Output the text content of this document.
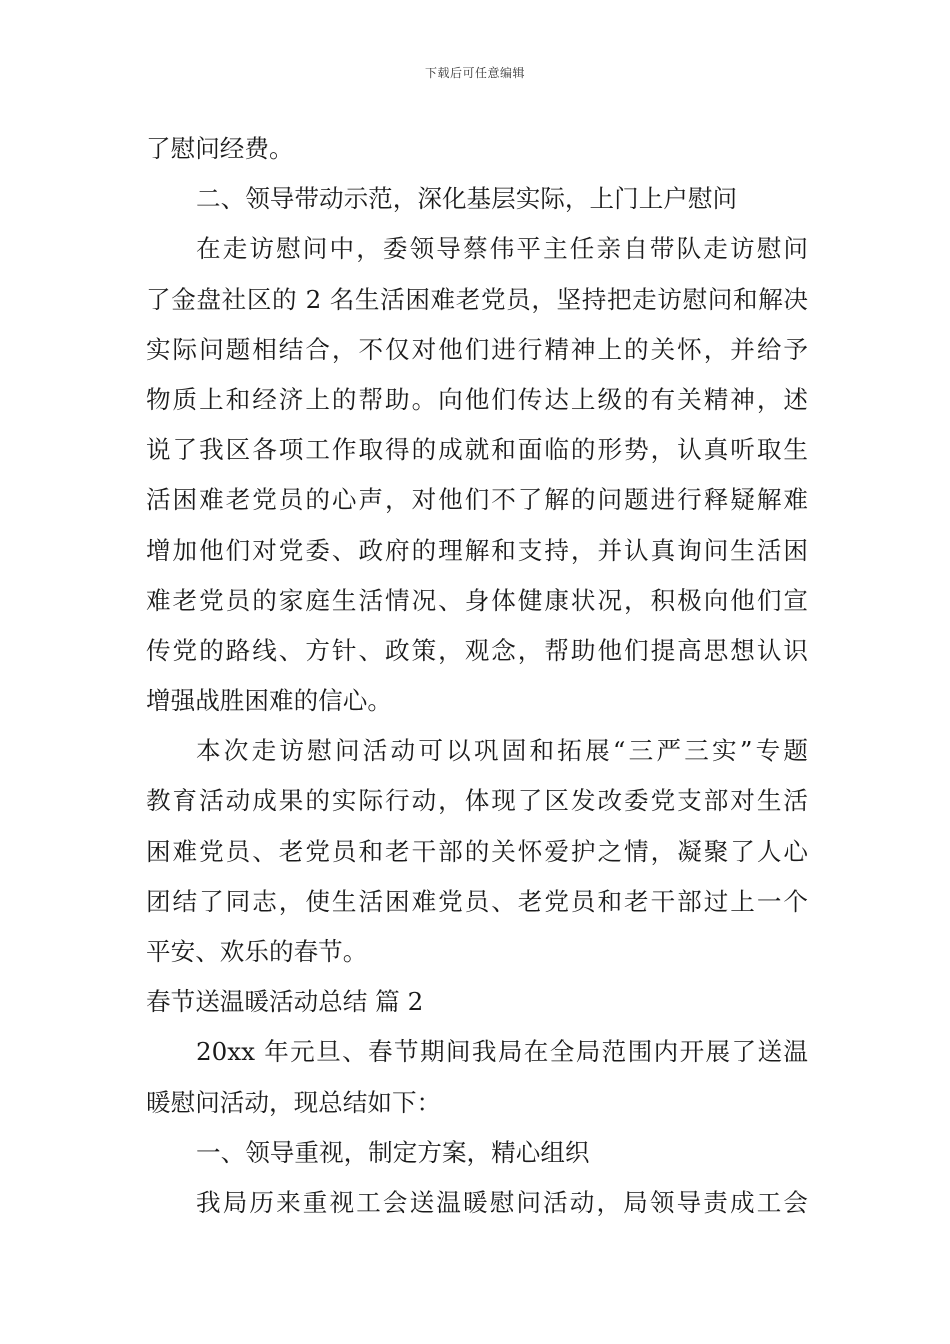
下载后可任意编辑
了慰问经费。
二、领导带动示范，深化基层实际，上门上户慰问
在走访慰问中，委领导蔡伟平主任亲自带队走访慰问
了金盘社区的 2 名生活困难老党员，坚持把走访慰问和解决
实际问题相结合，不仅对他们进行精神上的关怀，并给予
物质上和经济上的帮助。向他们传达上级的有关精神，述
说了我区各项工作取得的成就和面临的形势，认真听取生
活困难老党员的心声，对他们不了解的问题进行释疑解难
增加他们对党委、政府的理解和支持，并认真询问生活困
难老党员的家庭生活情况、身体健康状况，积极向他们宣
传党的路线、方针、政策，观念，帮助他们提高思想认识
增强战胜困难的信心。
本次走访慰问活动可以巩固和拓展“三严三实”专题
教育活动成果的实际行动，体现了区发改委党支部对生活
困难党员、老党员和老干部的关怀爱护之情，凝聚了人心
团结了同志，使生活困难党员、老党员和老干部过上一个
平安、欢乐的春节。
春节送温暖活动总结 篇 2
20xx 年元旦、春节期间我局在全局范围内开展了送温
暖慰问活动，现总结如下：
一、领导重视，制定方案，精心组织
我局历来重视工会送温暖慰问活动，局领导责成工会
